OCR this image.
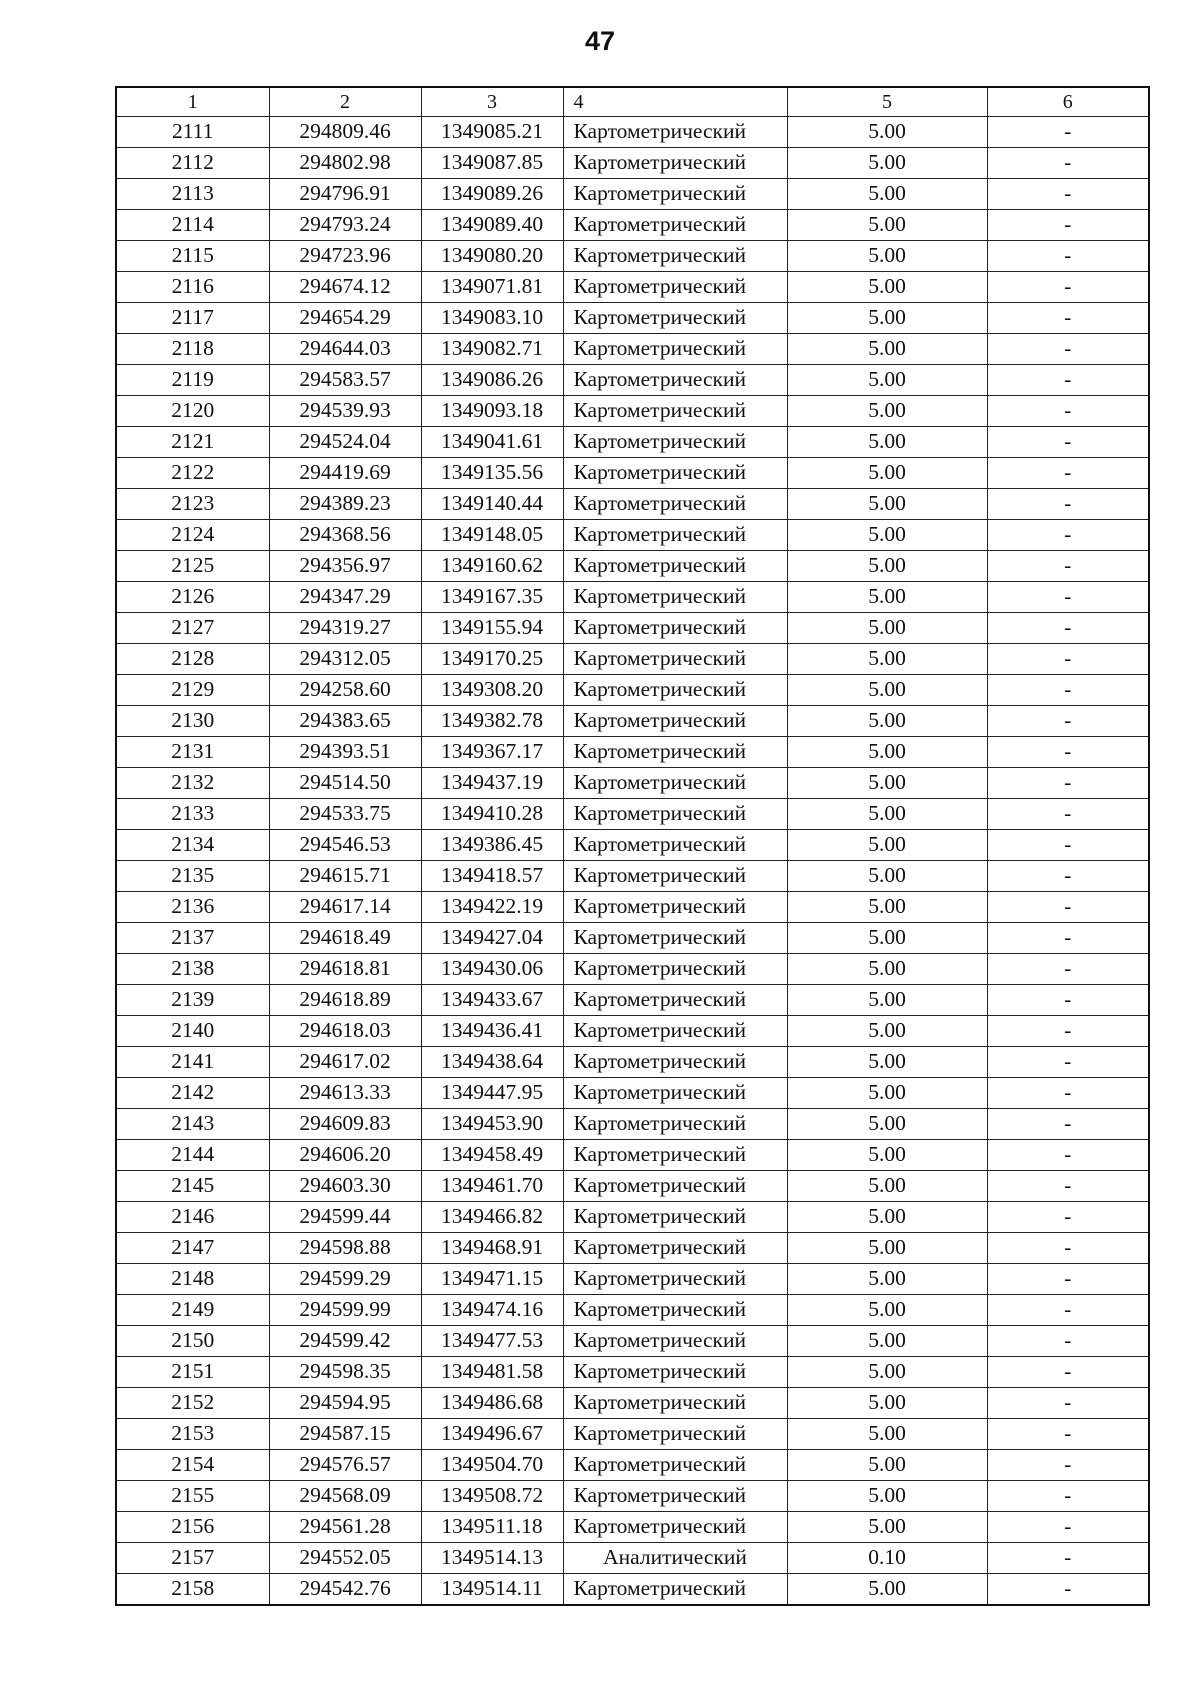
47
1	2	3	4	5	6
2111	294809.46	1349085.21	Картометрический	5.00	-
2112	294802.98	1349087.85	Картометрический	5.00	-
2113	294796.91	1349089.26	Картометрический	5.00	-
2114	294793.24	1349089.40	Картометрический	5.00	-
2115	294723.96	1349080.20	Картометрический	5.00	-
2116	294674.12	1349071.81	Картометрический	5.00	-
2117	294654.29	1349083.10	Картометрический	5.00	-
2118	294644.03	1349082.71	Картометрический	5.00	-
2119	294583.57	1349086.26	Картометрический	5.00	-
2120	294539.93	1349093.18	Картометрический	5.00	-
2121	294524.04	1349041.61	Картометрический	5.00	-
2122	294419.69	1349135.56	Картометрический	5.00	-
2123	294389.23	1349140.44	Картометрический	5.00	-
2124	294368.56	1349148.05	Картометрический	5.00	-
2125	294356.97	1349160.62	Картометрический	5.00	-
2126	294347.29	1349167.35	Картометрический	5.00	-
2127	294319.27	1349155.94	Картометрический	5.00	-
2128	294312.05	1349170.25	Картометрический	5.00	-
2129	294258.60	1349308.20	Картометрический	5.00	-
2130	294383.65	1349382.78	Картометрический	5.00	-
2131	294393.51	1349367.17	Картометрический	5.00	-
2132	294514.50	1349437.19	Картометрический	5.00	-
2133	294533.75	1349410.28	Картометрический	5.00	-
2134	294546.53	1349386.45	Картометрический	5.00	-
2135	294615.71	1349418.57	Картометрический	5.00	-
2136	294617.14	1349422.19	Картометрический	5.00	-
2137	294618.49	1349427.04	Картометрический	5.00	-
2138	294618.81	1349430.06	Картометрический	5.00	-
2139	294618.89	1349433.67	Картометрический	5.00	-
2140	294618.03	1349436.41	Картометрический	5.00	-
2141	294617.02	1349438.64	Картометрический	5.00	-
2142	294613.33	1349447.95	Картометрический	5.00	-
2143	294609.83	1349453.90	Картометрический	5.00	-
2144	294606.20	1349458.49	Картометрический	5.00	-
2145	294603.30	1349461.70	Картометрический	5.00	-
2146	294599.44	1349466.82	Картометрический	5.00	-
2147	294598.88	1349468.91	Картометрический	5.00	-
2148	294599.29	1349471.15	Картометрический	5.00	-
2149	294599.99	1349474.16	Картометрический	5.00	-
2150	294599.42	1349477.53	Картометрический	5.00	-
2151	294598.35	1349481.58	Картометрический	5.00	-
2152	294594.95	1349486.68	Картометрический	5.00	-
2153	294587.15	1349496.67	Картометрический	5.00	-
2154	294576.57	1349504.70	Картометрический	5.00	-
2155	294568.09	1349508.72	Картометрический	5.00	-
2156	294561.28	1349511.18	Картометрический	5.00	-
2157	294552.05	1349514.13	Аналитический	0.10	-
2158	294542.76	1349514.11	Картометрический	5.00	-
